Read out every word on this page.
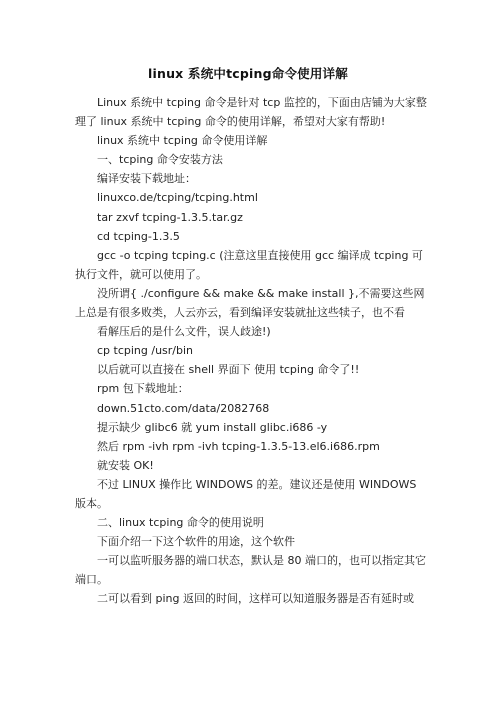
linux 系统中tcping命令使用详解

Linux 系统中 tcping 命令是针对 tcp 监控的，下面由店铺为大家整理了 linux 系统中 tcping 命令的使用详解，希望对大家有帮助!

linux 系统中 tcping 命令使用详解

一、tcping 命令安装方法

编译安装下载地址：

linuxco.de/tcping/tcping.html

tar zxvf tcping-1.3.5.tar.gz

cd tcping-1.3.5

gcc -o tcping tcping.c (注意这里直接使用 gcc 编译成 tcping 可执行文件，就可以使用了。

没所谓{ ./configure && make && make install },不需要这些网上总是有很多败类，人云亦云，看到编译安装就扯这些犊子，也不看

看解压后的是什么文件，误人歧途!)

cp tcping /usr/bin

以后就可以直接在 shell 界面下 使用 tcping 命令了!!

rpm 包下载地址：

down.51cto.com/data/2082768

提示缺少 glibc6 就 yum install glibc.i686 -y

然后 rpm -ivh rpm -ivh tcping-1.3.5-13.el6.i686.rpm

就安装 OK!

不过 LINUX 操作比 WINDOWS 的差。建议还是使用 WINDOWS 版本。

二、linux tcping 命令的使用说明

下面介绍一下这个软件的用途，这个软件

一可以监听服务器的端口状态，默认是 80 端口的，也可以指定其它端口。

二可以看到 ping 返回的时间，这样可以知道服务器是否有延时或
